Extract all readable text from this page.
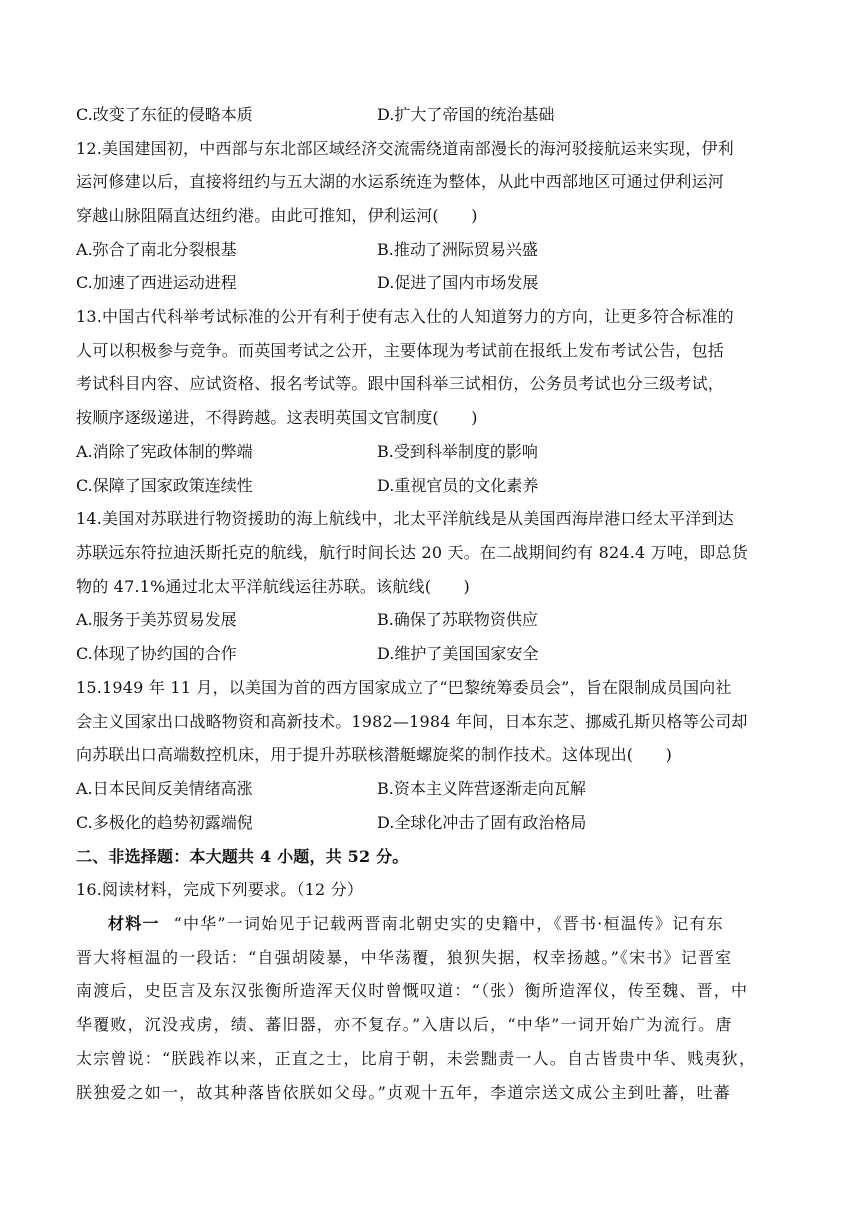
C.改变了东征的侵略本质	D.扩大了帝国的统治基础
12.美国建国初，中西部与东北部区域经济交流需绕道南部漫长的海河驳接航运来实现，伊利
运河修建以后，直接将纽约与五大湖的水运系统连为整体，从此中西部地区可通过伊利运河
穿越山脉阻隔直达纽约港。由此可推知，伊利运河(　　)
A.弥合了南北分裂根基	B.推动了洲际贸易兴盛
C.加速了西进运动进程	D.促进了国内市场发展
13.中国古代科举考试标准的公开有利于使有志入仕的人知道努力的方向，让更多符合标准的
人可以积极参与竞争。而英国考试之公开，主要体现为考试前在报纸上发布考试公告，包括
考试科目内容、应试资格、报名考试等。跟中国科举三试相仿，公务员考试也分三级考试，
按顺序逐级递进，不得跨越。这表明英国文官制度(　　)
A.消除了宪政体制的弊端	B.受到科举制度的影响
C.保障了国家政策连续性	D.重视官员的文化素养
14.美国对苏联进行物资援助的海上航线中，北太平洋航线是从美国西海岸港口经太平洋到达
苏联远东符拉迪沃斯托克的航线，航行时间长达 20 天。在二战期间约有 824.4 万吨，即总货
物的 47.1%通过北太平洋航线运往苏联。该航线(　　)
A.服务于美苏贸易发展	B.确保了苏联物资供应
C.体现了协约国的合作	D.维护了美国国家安全
15.1949 年 11 月，以美国为首的西方国家成立了“巴黎统筹委员会”，旨在限制成员国向社
会主义国家出口战略物资和高新技术。1982—1984 年间，日本东芝、挪威孔斯贝格等公司却
向苏联出口高端数控机床，用于提升苏联核潜艇螺旋桨的制作技术。这体现出(　　)
A.日本民间反美情绪高涨	B.资本主义阵营逐渐走向瓦解
C.多极化的趋势初露端倪	D.全球化冲击了固有政治格局
二、非选择题：本大题共 4 小题，共 52 分。
16.阅读材料，完成下列要求。（12 分）
材料一 “中华”一词始见于记载两晋南北朝史实的史籍中，《晋书·桓温传》记有东
晋大将桓温的一段话：“自强胡陵暴，中华荡覆，狼狈失据，权幸扬越。”《宋书》记晋室
南渡后，史臣言及东汉张衡所造浑天仪时曾慨叹道：“（张）衡所造浑仪，传至魏、晋，中
华覆败，沉没戎虏，绩、蕃旧器，亦不复存。”入唐以后，“中华”一词开始广为流行。唐
太宗曾说：“朕践祚以来，正直之士，比肩于朝，未尝黜责一人。自古皆贵中华、贱夷狄，
朕独爱之如一，故其种落皆依朕如父母。”贞观十五年，李道宗送文成公主到吐蕃，吐蕃
